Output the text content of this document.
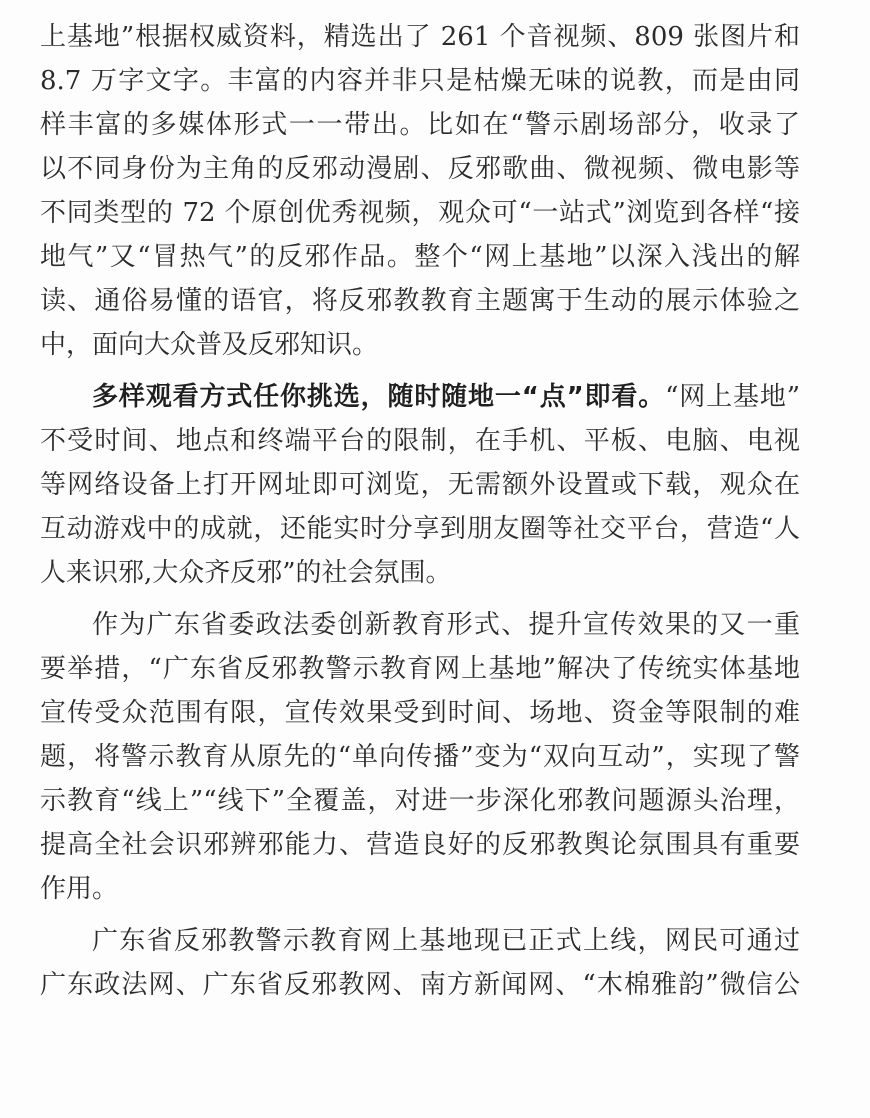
上基地”根据权威资料，精选出了 261 个音视频、809 张图片和
8.7 万字文字。丰富的内容并非只是枯燥无味的说教，而是由同
样丰富的多媒体形式一一带出。比如在“警示剧场部分，收录了
以不同身份为主角的反邪动漫剧、反邪歌曲、微视频、微电影等
不同类型的 72 个原创优秀视频，观众可“一站式”浏览到各样“接
地气”又“冒热气”的反邪作品。整个“网上基地”以深入浅出的解
读、通俗易懂的语官，将反邪教教育主题寓于生动的展示体验之
中，面向大众普及反邪知识。
多样观看方式任你挑选，随时随地一“点”即看。“网上基地”
不受时间、地点和终端平台的限制，在手机、平板、电脑、电视
等网络设备上打开网址即可浏览，无需额外设置或下载，观众在
互动游戏中的成就，还能实时分享到朋友圈等社交平台，营造“人
人来识邪,大众齐反邪”的社会氛围。
作为广东省委政法委创新教育形式、提升宣传效果的又一重
要举措，“广东省反邪教警示教育网上基地”解决了传统实体基地
宣传受众范围有限，宣传效果受到时间、场地、资金等限制的难
题，将警示教育从原先的“单向传播”变为“双向互动”，实现了警
示教育“线上”“线下”全覆盖，对进一步深化邪教问题源头治理，
提高全社会识邪辨邪能力、营造良好的反邪教舆论氛围具有重要
作用。
广东省反邪教警示教育网上基地现已正式上线，网民可通过
广东政法网、广东省反邪教网、南方新闻网、“木棉雅韵”微信公
